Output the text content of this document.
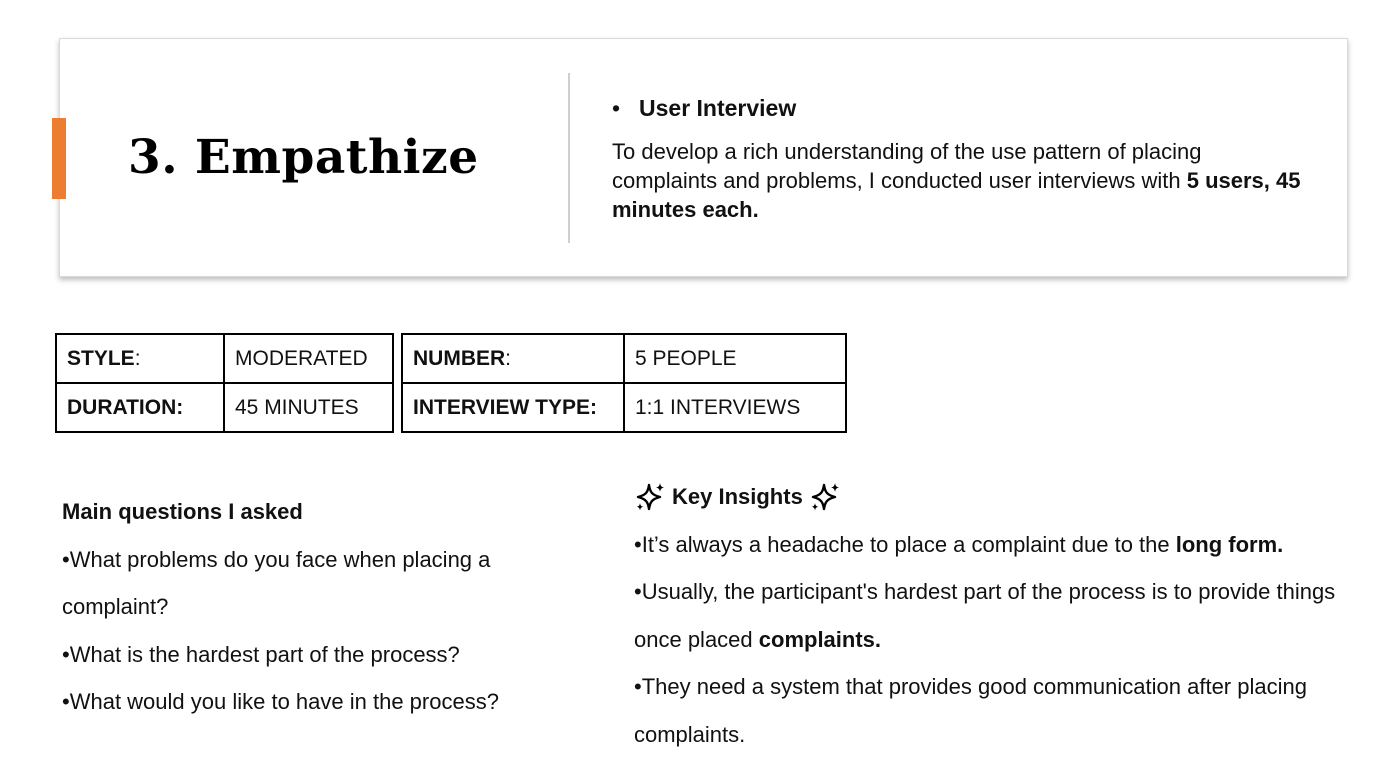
3. Empathize
• User Interview
To develop a rich understanding of the use pattern of placing complaints and problems, I conducted user interviews with 5 users, 45 minutes each.
STYLE:	MODERATED
DURATION:	45 MINUTES
NUMBER:	5 PEOPLE
INTERVIEW TYPE:	1:1 INTERVIEWS

Main questions I asked

•What problems do you face when placing a complaint?

•What is the hardest part of the process?

•What would you like to have in the process?

Key Insights

•It’s always a headache to place a complaint due to the long form.

•Usually, the participant's hardest part of the process is to provide things once placed complaints.

•They need a system that provides good communication after placing complaints.
